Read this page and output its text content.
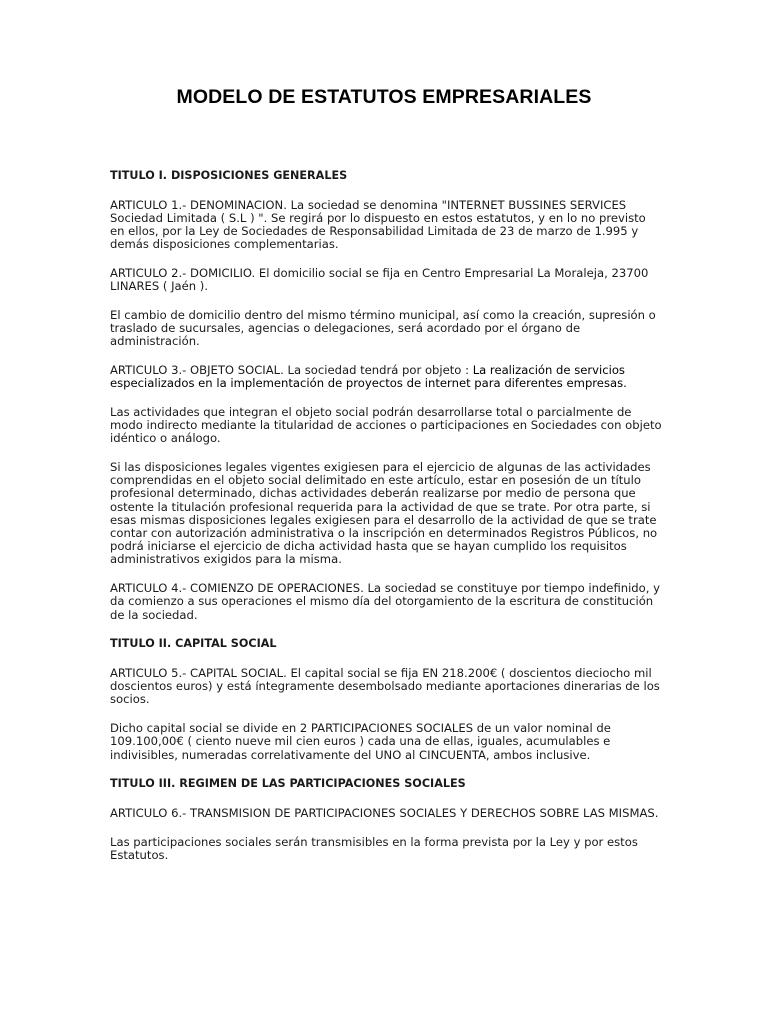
MODELO DE ESTATUTOS EMPRESARIALES

TITULO I. DISPOSICIONES GENERALES

ARTICULO 1.- DENOMINACION. La sociedad se denomina "INTERNET BUSSINES SERVICES Sociedad Limitada ( S.L ) ". Se regirá por lo dispuesto en estos estatutos, y en lo no previsto en ellos, por la Ley de Sociedades de Responsabilidad Limitada de 23 de marzo de 1.995 y demás disposiciones complementarias.

ARTICULO 2.- DOMICILIO. El domicilio social se fija en Centro Empresarial La Moraleja, 23700 LINARES ( Jaén ).

El cambio de domicilio dentro del mismo término municipal, así como la creación, supresión o traslado de sucursales, agencias o delegaciones, será acordado por el órgano de administración.

ARTICULO 3.- OBJETO SOCIAL. La sociedad tendrá por objeto : La realización de servicios especializados en la implementación de proyectos de internet para diferentes empresas.

Las actividades que integran el objeto social podrán desarrollarse total o parcialmente de modo indirecto mediante la titularidad de acciones o participaciones en Sociedades con objeto idéntico o análogo.

Si las disposiciones legales vigentes exigiesen para el ejercicio de algunas de las actividades comprendidas en el objeto social delimitado en este artículo, estar en posesión de un título profesional determinado, dichas actividades deberán realizarse por medio de persona que ostente la titulación profesional requerida para la actividad de que se trate. Por otra parte, si esas mismas disposiciones legales exigiesen para el desarrollo de la actividad de que se trate contar con autorización administrativa o la inscripción en determinados Registros Públicos, no podrá iniciarse el ejercicio de dicha actividad hasta que se hayan cumplido los requisitos administrativos exigidos para la misma.

ARTICULO 4.- COMIENZO DE OPERACIONES. La sociedad se constituye por tiempo indefinido, y da comienzo a sus operaciones el mismo día del otorgamiento de la escritura de constitución de la sociedad.

TITULO II. CAPITAL SOCIAL

ARTICULO 5.- CAPITAL SOCIAL. El capital social se fija EN 218.200€ ( doscientos dieciocho mil doscientos euros) y está íntegramente desembolsado mediante aportaciones dinerarias de los socios.

Dicho capital social se divide en 2 PARTICIPACIONES SOCIALES de un valor nominal de 109.100,00€ ( ciento nueve mil cien euros ) cada una de ellas, iguales, acumulables e indivisibles, numeradas correlativamente del UNO al CINCUENTA, ambos inclusive.

TITULO III. REGIMEN DE LAS PARTICIPACIONES SOCIALES

ARTICULO 6.- TRANSMISION DE PARTICIPACIONES SOCIALES Y DERECHOS SOBRE LAS MISMAS.

Las participaciones sociales serán transmisibles en la forma prevista por la Ley y por estos Estatutos.
